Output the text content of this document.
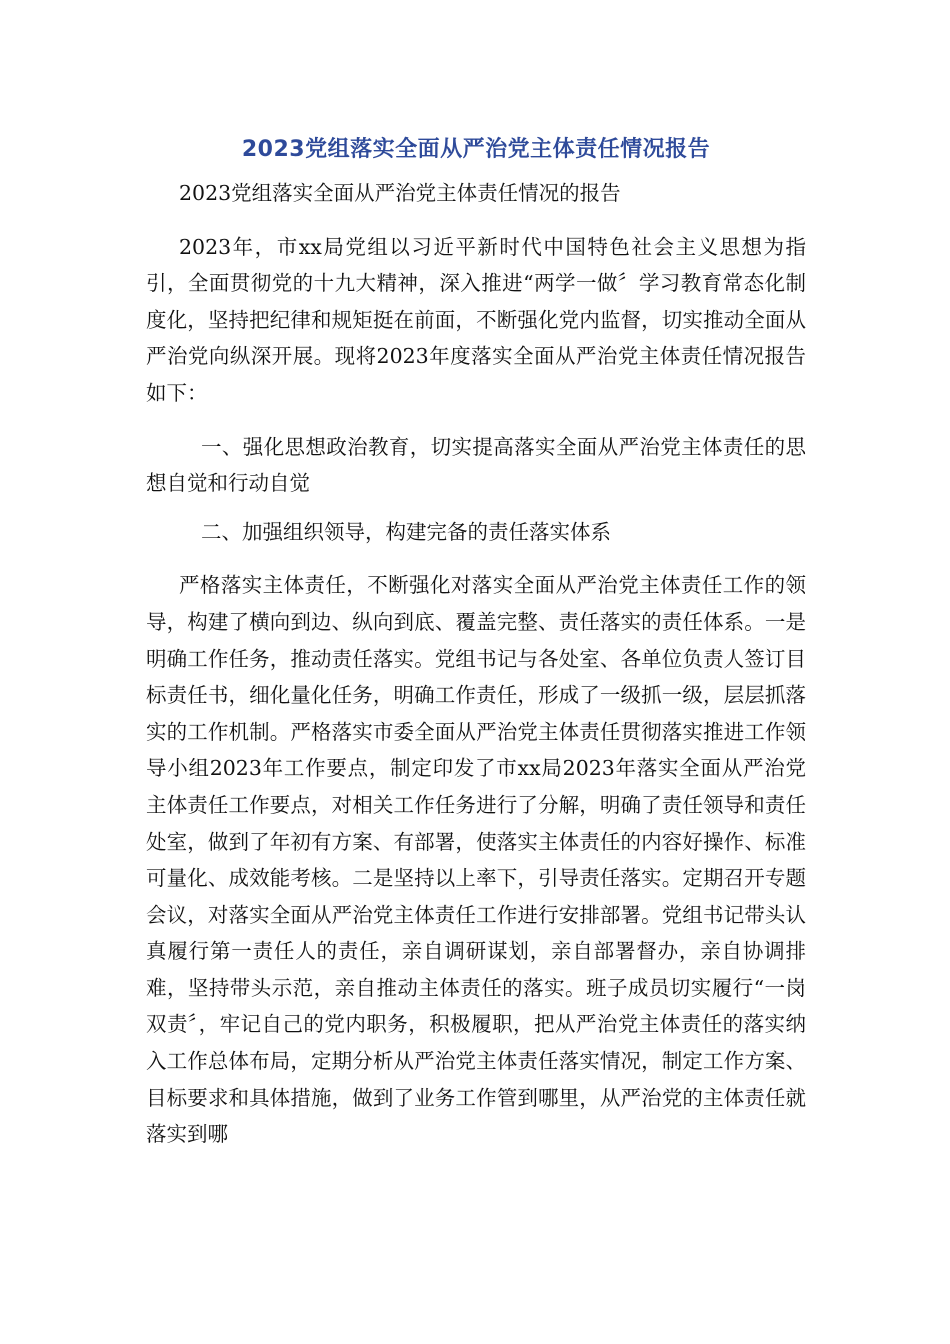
2023党组落实全面从严治党主体责任情况报告

2023党组落实全面从严治党主体责任情况的报告

2023年，市xx局党组以习近平新时代中国特色社会主义思想为指引，全面贯彻党的十九大精神，深入推进“两学一做〞学习教育常态化制度化，坚持把纪律和规矩挺在前面，不断强化党内监督，切实推动全面从严治党向纵深开展。现将2023年度落实全面从严治党主体责任情况报告如下：

一、强化思想政治教育，切实提高落实全面从严治党主体责任的思想自觉和行动自觉

二、加强组织领导，构建完备的责任落实体系

严格落实主体责任，不断强化对落实全面从严治党主体责任工作的领导，构建了横向到边、纵向到底、覆盖完整、责任落实的责任体系。一是明确工作任务，推动责任落实。党组书记与各处室、各单位负责人签订目标责任书，细化量化任务，明确工作责任，形成了一级抓一级，层层抓落实的工作机制。严格落实市委全面从严治党主体责任贯彻落实推进工作领导小组2023年工作要点，制定印发了市xx局2023年落实全面从严治党主体责任工作要点，对相关工作任务进行了分解，明确了责任领导和责任处室，做到了年初有方案、有部署，使落实主体责任的内容好操作、标准可量化、成效能考核。二是坚持以上率下，引导责任落实。定期召开专题会议，对落实全面从严治党主体责任工作进行安排部署。党组书记带头认真履行第一责任人的责任，亲自调研谋划，亲自部署督办，亲自协调排难，坚持带头示范，亲自推动主体责任的落实。班子成员切实履行“一岗双责〞，牢记自己的党内职务，积极履职，把从严治党主体责任的落实纳入工作总体布局，定期分析从严治党主体责任落实情况，制定工作方案、目标要求和具体措施，做到了业务工作管到哪里，从严治党的主体责任就落实到哪
